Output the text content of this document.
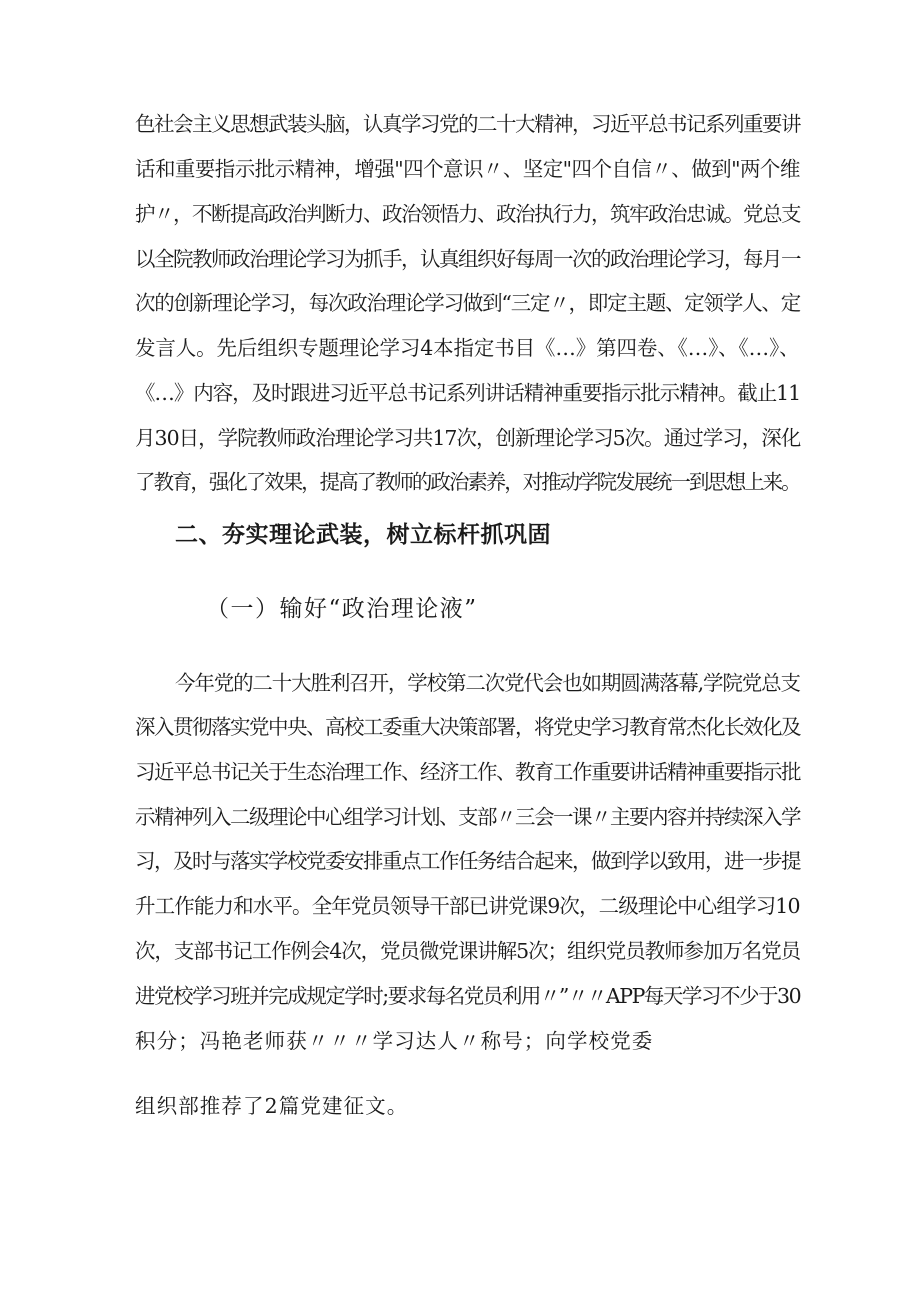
色社会主义思想武装头脑，认真学习党的二十大精神，习近平总书记系列重要讲
话和重要指示批示精神，增强"四个意识〃、坚定"四个自信〃、做到"两个维
护〃，不断提高政治判断力、政治领悟力、政治执行力，筑牢政治忠诚。党总支
以全院教师政治理论学习为抓手，认真组织好每周一次的政治理论学习，每月一
次的创新理论学习，每次政治理论学习做到“三定〃，即定主题、定领学人、定
发言人。先后组织专题理论学习4本指定书目《…》第四卷、《…》、《…》、
《…》内容，及时跟进习近平总书记系列讲话精神重要指示批示精神。截止11
月30日，学院教师政治理论学习共17次，创新理论学习5次。通过学习，深化
了教育，强化了效果，提高了教师的政治素养，对推动学院发展统一到思想上来。
二、夯实理论武装，树立标杆抓巩固
（一）输好“政治理论液”
今年党的二十大胜利召开，学校第二次党代会也如期圆满落幕,学院党总支
深入贯彻落实党中央、高校工委重大决策部署，将党史学习教育常杰化长效化及
习近平总书记关于生态治理工作、经济工作、教育工作重要讲话精神重要指示批
示精神列入二级理论中心组学习计划、支部〃三会一课〃主要内容并持续深入学
习，及时与落实学校党委安排重点工作任务结合起来，做到学以致用，进一步提
升工作能力和水平。全年党员领导干部已讲党课9次，二级理论中心组学习10
次，支部书记工作例会4次，党员微党课讲解5次；组织党员教师参加万名党员
进党校学习班并完成规定学时;要求每名党员利用〃”〃〃APP每天学习不少于30
积分；冯艳老师获〃〃〃学习达人〃称号；向学校党委
组织部推荐了2篇党建征文。
